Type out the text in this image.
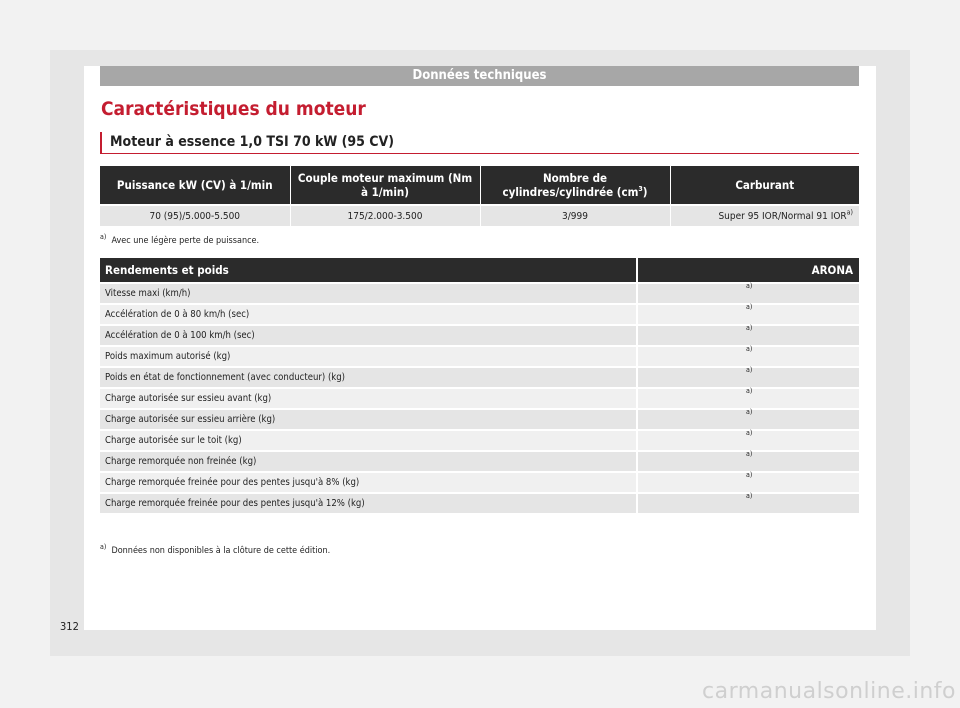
Données techniques
Caractéristiques du moteur
Moteur à essence 1,0 TSI 70 kW (95 CV)
Puissance kW (CV) à 1/min	Couple moteur maximum (Nm à 1/min)	Nombre de cylindres/cylindrée $(cm^3)$	Carburant
70 (95)/5.000-5.500	175/2.000-3.500	3/999	Super 95 IOR/Normal 91 IOR$^{a)}$
$^{a)}$ Avec une légère perte de puissance.
Rendements et poids	ARONA
Vitesse maxi (km/h)	$^{a)}$
Accélération de 0 à 80 km/h (sec)	$^{a)}$
Accélération de 0 à 100 km/h (sec)	$^{a)}$
Poids maximum autorisé (kg)	$^{a)}$
Poids en état de fonctionnement (avec conducteur) (kg)	$^{a)}$
Charge autorisée sur essieu avant (kg)	$^{a)}$
Charge autorisée sur essieu arrière (kg)	$^{a)}$
Charge autorisée sur le toit (kg)	$^{a)}$
Charge remorquée non freinée (kg)	$^{a)}$
Charge remorquée freinée pour des pentes jusqu'à 8% (kg)	$^{a)}$
Charge remorquée freinée pour des pentes jusqu'à 12% (kg)	$^{a)}$
$^{a)}$ Données non disponibles à la clôture de cette édition.
312
carmanualsonline.info
